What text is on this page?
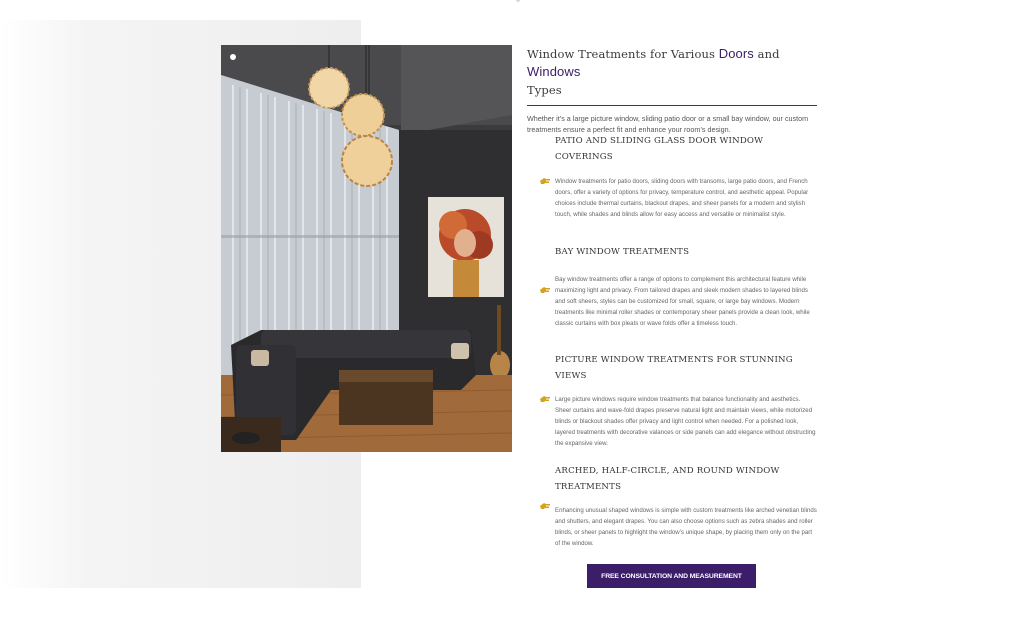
Window Treatments for Various Doors and Windows
Types

Whether it’s a large picture window, sliding patio door or a small bay window, our custom treatments ensure a perfect fit and enhance your room’s design.

PATIO AND SLIDING GLASS DOOR WINDOW
COVERINGS
Window treatments for patio doors, sliding doors with transoms, large patio doors, and French doors, offer a variety of options for privacy, temperature control, and aesthetic appeal. Popular choices include thermal curtains, blackout drapes, and sheer panels for a modern and stylish touch, while shades and blinds allow for easy access and versatile or minimalist style.
BAY WINDOW TREATMENTS
Bay window treatments offer a range of options to complement this architectural feature while maximizing light and privacy. From tailored drapes and sleek modern shades to layered blinds and soft sheers, styles can be customized for small, square, or large bay windows. Modern treatments like minimal roller shades or contemporary sheer panels provide a clean look, while classic curtains with box pleats or wave folds offer a timeless touch.
PICTURE WINDOW TREATMENTS FOR STUNNING
VIEWS
Large picture windows require window treatments that balance functionality and aesthetics. Sheer curtains and wave-fold drapes preserve natural light and maintain views, while motorized blinds or blackout shades offer privacy and light control when needed. For a polished look, layered treatments with decorative valances or side panels can add elegance without obstructing the expansive view.
ARCHED, HALF-CIRCLE, AND ROUND WINDOW
TREATMENTS
Enhancing unusual shaped windows is simple with custom treatments like arched venetian blinds and shutters, and elegant drapes. You can also choose options such as zebra shades and roller blinds, or sheer panels to highlight the window’s unique shape, by placing them only on the part of the window.
FREE CONSULTATION AND MEASUREMENT
